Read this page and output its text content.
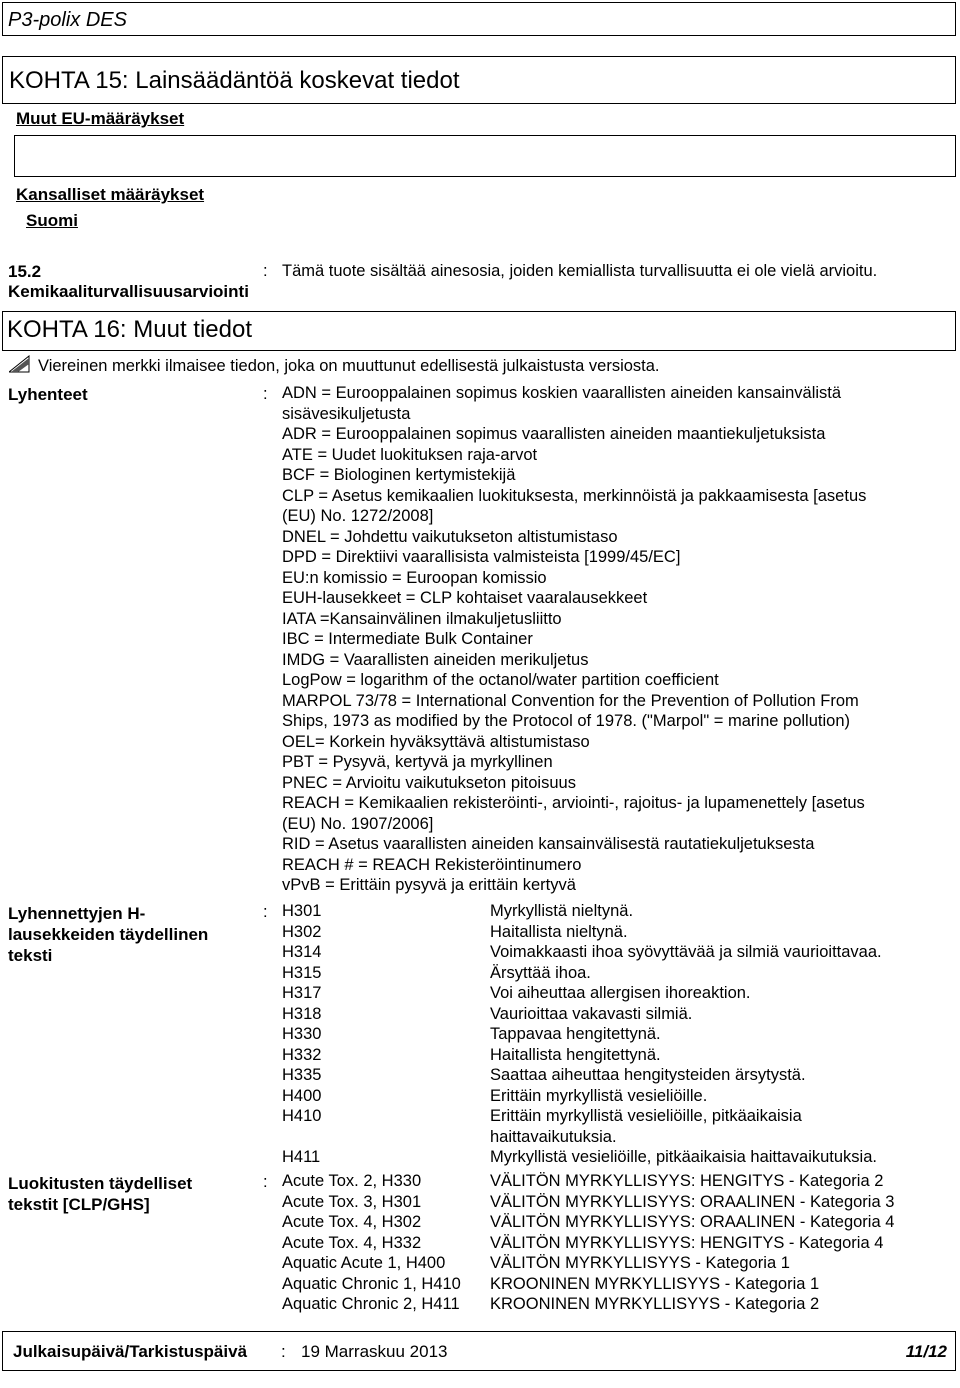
P3-polix DES
KOHTA 15: Lainsäädäntöä koskevat tiedot
Muut EU-määräykset
Kansalliset määräykset
Suomi
15.2
Kemikaaliturvallisuusarviointi
: Tämä tuote sisältää ainesosia, joiden kemiallista turvallisuutta ei ole vielä arvioitu.
KOHTA 16: Muut tiedot
Viereinen merkki ilmaisee tiedon, joka on muuttunut edellisestä julkaistusta versiosta.
Lyhenteet	: ADN = Eurooppalainen sopimus koskien vaarallisten aineiden kansainvälistä
sisävesikuljetusta
ADR = Eurooppalainen sopimus vaarallisten aineiden maantiekuljetuksista
ATE = Uudet luokituksen raja-arvot
BCF = Biologinen kertymistekijä
CLP = Asetus kemikaalien luokituksesta, merkinnöistä ja pakkaamisesta [asetus
(EU) No. 1272/2008]
DNEL = Johdettu vaikutukseton altistumistaso
DPD = Direktiivi vaarallisista valmisteista [1999/45/EC]
EU:n komissio = Euroopan komissio
EUH-lausekkeet = CLP kohtaiset vaaralausekkeet
IATA =Kansainvälinen ilmakuljetusliitto
IBC = Intermediate Bulk Container
IMDG = Vaarallisten aineiden merikuljetus
LogPow = logarithm of the octanol/water partition coefficient
MARPOL 73/78 = International Convention for the Prevention of Pollution From
Ships, 1973 as modified by the Protocol of 1978. ("Marpol" = marine pollution)
OEL= Korkein hyväksyttävä altistumistaso
PBT = Pysyvä, kertyvä ja myrkyllinen
PNEC = Arvioitu vaikutukseton pitoisuus
REACH = Kemikaalien rekisteröinti-, arviointi-, rajoitus- ja lupamenettely [asetus
(EU) No. 1907/2006]
RID = Asetus vaarallisten aineiden kansainvälisestä rautatiekuljetuksesta
REACH # = REACH Rekisteröintinumero
vPvB = Erittäin pysyvä ja erittäin kertyvä
Lyhennettyjen H-
lausekkeiden täydellinen
teksti
: H301	Myrkyllistä nieltynä.
H302	Haitallista nieltynä.
H314	Voimakkaasti ihoa syövyttävää ja silmiä vaurioittavaa.
H315	Ärsyttää ihoa.
H317	Voi aiheuttaa allergisen ihoreaktion.
H318	Vaurioittaa vakavasti silmiä.
H330	Tappavaa hengitettynä.
H332	Haitallista hengitettynä.
H335	Saattaa aiheuttaa hengitysteiden ärsytystä.
H400	Erittäin myrkyllistä vesieliöille.
H410	Erittäin myrkyllistä vesieliöille, pitkäaikaisia
haittavaikutuksia.
H411	Myrkyllistä vesieliöille, pitkäaikaisia haittavaikutuksia.
Luokitusten täydelliset
tekstit [CLP/GHS]
: Acute Tox. 2, H330	VÄLITÖN MYRKYLLISYYS: HENGITYS - Kategoria 2
Acute Tox. 3, H301	VÄLITÖN MYRKYLLISYYS: ORAALINEN - Kategoria 3
Acute Tox. 4, H302	VÄLITÖN MYRKYLLISYYS: ORAALINEN - Kategoria 4
Acute Tox. 4, H332	VÄLITÖN MYRKYLLISYYS: HENGITYS - Kategoria 4
Aquatic Acute 1, H400	VÄLITÖN MYRKYLLISYYS - Kategoria 1
Aquatic Chronic 1, H410 KROONINEN MYRKYLLISYYS - Kategoria 1
Aquatic Chronic 2, H411 KROONINEN MYRKYLLISYYS - Kategoria 2
Julkaisupäivä/Tarkistuspäivä : 19 Marraskuu 2013	11/12
